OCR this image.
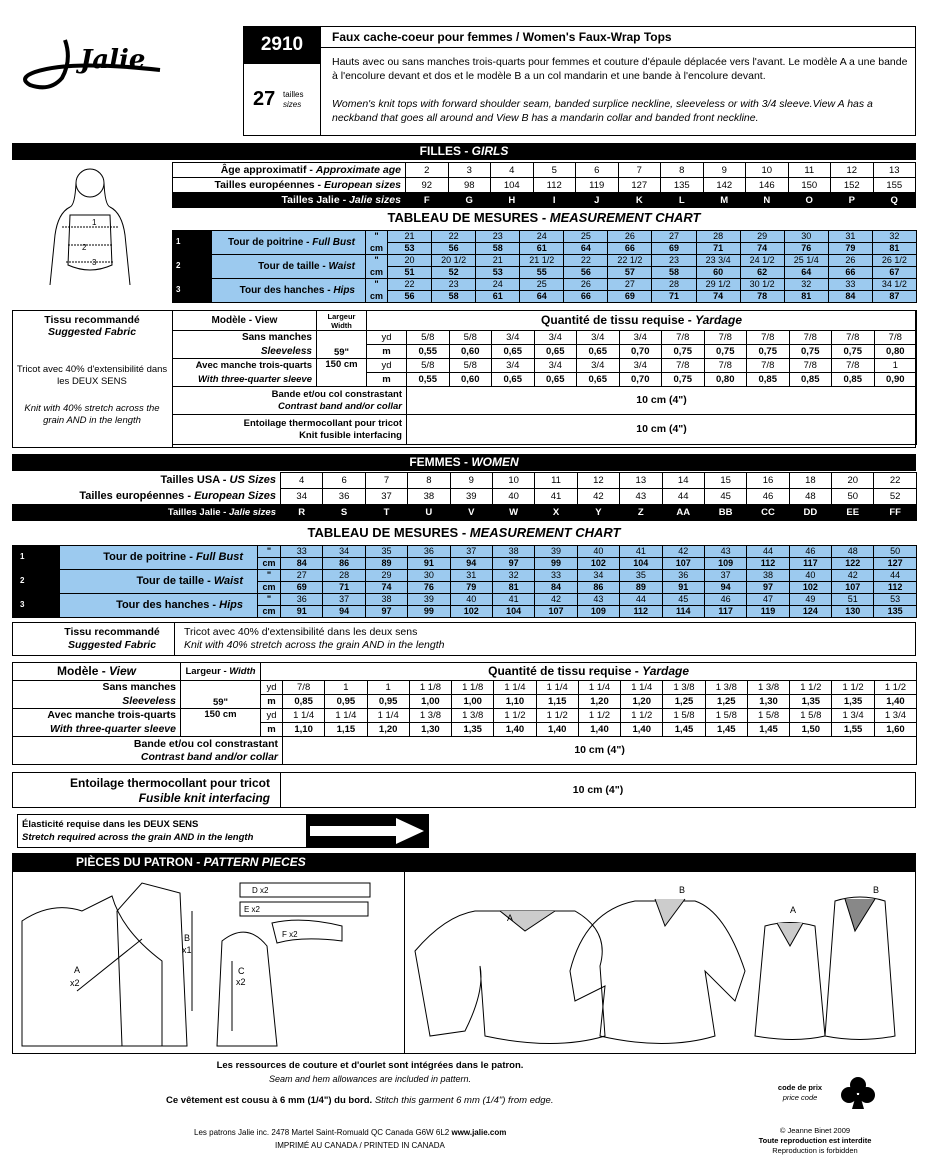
Jalie
2910
27 tailles
sizes
Faux cache-coeur pour femmes / Women's Faux-Wrap Tops
Hauts avec ou sans manches trois-quarts pour femmes et couture d'épaule déplacée vers l'avant. Le modèle A a une bande à l'encolure devant et dos et le modèle B a un col mandarin et une bande à l'encolure devant.
Women's knit tops with forward shoulder seam, banded surplice neckline, sleeveless or with 3/4 sleeve.View A has a neckband that goes all around and View B has a mandarin collar and banded front neckline.
FILLES - GIRLS
1
2
3
Âge approximatif - Approximate age	2	3	4	5	6	7	8	9	10	11	12	13
Tailles européennes - European sizes	92	98	104	112	119	127	135	142	146	150	152	155
Tailles Jalie - Jalie sizes	F	G	H	I	J	K	L	M	N	O	P	Q
TABLEAU DE MESURES - MEASUREMENT CHART
Tour de poitrine - Full Bust	"	21	22	23	24	25	26	27	28	29	30	31	32
	cm	53	56	58	61	64	66	69	71	74	76	79	81
Tour de taille - Waist	"	20	20 1/2	21	21 1/2	22	22 1/2	23	23 3/4	24 1/2	25 1/4	26	26 1/2
	cm	51	52	53	55	56	57	58	60	62	64	66	67
Tour des hanches - Hips	"	22	23	24	25	26	27	28	29 1/2	30 1/2	32	33	34 1/2
	cm	56	58	61	64	66	69	71	74	78	81	84	87
1
2
3
Tissu recommandé
Suggested Fabric
Tricot avec 40% d'extensibilité dans les DEUX SENS
Knit with 40% stretch across the grain AND in the length
Modèle - View	Largeur Width	Quantité de tissu requise - Yardage												
Sans manches	59"	yd	5/8	5/8	3/4	3/4	3/4	3/4	7/8	7/8	7/8	7/8	7/8	7/8
Sleeveless		m	0,55	0,60	0,65	0,65	0,65	0,70	0,75	0,75	0,75	0,75	0,75	0,80
Avec manche trois-quarts	150 cm	yd	5/8	5/8	3/4	3/4	3/4	3/4	7/8	7/8	7/8	7/8	7/8	1
With three-quarter sleeve		m	0,55	0,60	0,65	0,65	0,65	0,70	0,75	0,80	0,85	0,85	0,85	0,90
Bande et/ou col constrastant
Contrast band and/or collar			10 cm (4")											
Entoilage thermocollant pour tricot
Knit fusible interfacing			10 cm (4")											
FEMMES - WOMEN
Tailles USA - US Sizes	4	6	7	8	9	10	11	12	13	14	15	16	18	20	22
Tailles européennes - European Sizes	34	36	37	38	39	40	41	42	43	44	45	46	48	50	52
Tailles Jalie - Jalie sizes	R	S	T	U	V	W	X	Y	Z	AA	BB	CC	DD	EE	FF
TABLEAU DE MESURES - MEASUREMENT CHART
Tour de poitrine - Full Bust	"	33	34	35	36	37	38	39	40	41	42	43	44	46	48	50
	cm	84	86	89	91	94	97	99	102	104	107	109	112	117	122	127
Tour de taille - Waist	"	27	28	29	30	31	32	33	34	35	36	37	38	40	42	44
	cm	69	71	74	76	79	81	84	86	89	91	94	97	102	107	112
Tour des hanches - Hips	"	36	37	38	39	40	41	42	43	44	45	46	47	49	51	53
	cm	91	94	97	99	102	104	107	109	112	114	117	119	124	130	135
1
2
3
Tissu recommandé
Suggested Fabric
Tricot avec 40% d'extensibilité dans les deux sens
Knit with 40% stretch across the grain AND in the length
Modèle - View	Largeur - Width	Quantité de tissu requise - Yardage															
Sans manches	59"	yd	7/8	1	1	1 1/8	1 1/8	1 1/4	1 1/4	1 1/4	1 1/4	1 3/8	1 3/8	1 3/8	1 1/2	1 1/2	1 1/2
Sleeveless		m	0,85	0,95	0,95	1,00	1,00	1,10	1,15	1,20	1,20	1,25	1,25	1,30	1,35	1,35	1,40
Avec manche trois-quarts	150 cm	yd	1 1/4	1 1/4	1 1/4	1 3/8	1 3/8	1 1/2	1 1/2	1 1/2	1 1/2	1 5/8	1 5/8	1 5/8	1 5/8	1 3/4	1 3/4
With three-quarter sleeve		m	1,10	1,15	1,20	1,30	1,35	1,40	1,40	1,40	1,40	1,45	1,45	1,45	1,50	1,55	1,60
Bande et/ou col constrastant
Contrast band and/or collar			10 cm (4")														
Entoilage thermocollant pour tricot
Fusible knit interfacing
10 cm (4")
Élasticité requise dans les DEUX SENS
Stretch required across the grain AND in the length
PIÈCES DU PATRON - PATTERN PIECES
A
x2
B
x1
C
x2
D x2
E x2
F x2
A
B
A
B
Les ressources de couture et d'ourlet sont intégrées dans le patron.
Seam and hem allowances are included in pattern.
Ce vêtement est cousu à 6 mm (1/4") du bord. Stitch this garment 6 mm (1/4") from edge.
code de prix
price code
Les patrons Jalie inc. 2478 Martel Saint-Romuald QC Canada G6W 6L2 www.jalie.com
IMPRIMÉ AU CANADA / PRINTED IN CANADA
© Jeanne Binet 2009
Toute reproduction est interdite
Reproduction is forbidden
